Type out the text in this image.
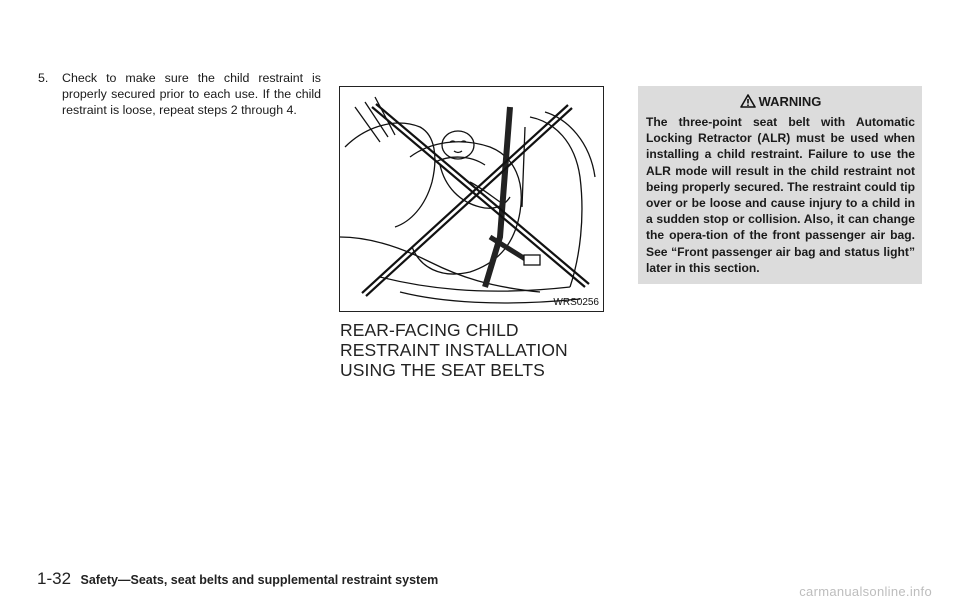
5.	Check to make sure the child restraint is properly secured prior to each use. If the child restraint is loose, repeat steps 2 through 4.
WRS0256
REAR-FACING CHILD RESTRAINT INSTALLATION USING THE SEAT BELTS
WARNING
The three-point seat belt with Automatic Locking Retractor (ALR) must be used when installing a child restraint. Failure to use the ALR mode will result in the child restraint not being properly secured. The restraint could tip over or be loose and cause injury to a child in a sudden stop or collision. Also, it can change the opera-tion of the front passenger air bag. See “Front passenger air bag and status light” later in this section.
1-32 Safety—Seats, seat belts and supplemental restraint system
carmanualsonline.info
